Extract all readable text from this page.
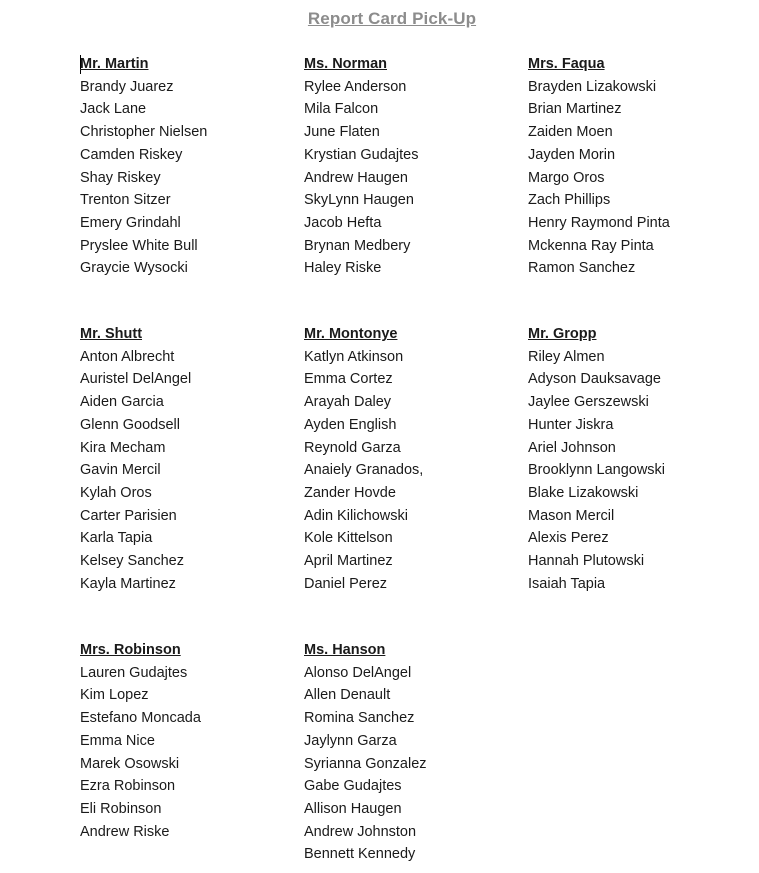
Report Card Pick-Up
Mr. Martin
Brandy Juarez
Jack Lane
Christopher Nielsen
Camden Riskey
Shay Riskey
Trenton Sitzer
Emery Grindahl
Pryslee White Bull
Graycie Wysocki
Ms. Norman
Rylee Anderson
Mila Falcon
June Flaten
Krystian Gudajtes
Andrew Haugen
SkyLynn Haugen
Jacob Hefta
Brynan Medbery
Haley Riske
Mrs. Faqua
Brayden Lizakowski
Brian Martinez
Zaiden Moen
Jayden Morin
Margo Oros
Zach Phillips
Henry Raymond Pinta
Mckenna Ray Pinta
Ramon Sanchez
Mr. Shutt
Anton Albrecht
Auristel DelAngel
Aiden Garcia
Glenn Goodsell
Kira Mecham
Gavin Mercil
Kylah Oros
Carter Parisien
Karla Tapia
Kelsey Sanchez
Kayla Martinez
Mr. Montonye
Katlyn Atkinson
Emma Cortez
Arayah Daley
Ayden English
Reynold Garza
Anaiely Granados,
Zander Hovde
Adin Kilichowski
Kole Kittelson
April Martinez
Daniel Perez
Mr. Gropp
Riley Almen
Adyson Dauksavage
Jaylee Gerszewski
Hunter Jiskra
Ariel Johnson
Brooklynn Langowski
Blake Lizakowski
Mason Mercil
Alexis Perez
Hannah Plutowski
Isaiah Tapia
Mrs. Robinson
Lauren Gudajtes
Kim Lopez
Estefano Moncada
Emma Nice
Marek Osowski
Ezra Robinson
Eli Robinson
Andrew Riske
Ms. Hanson
Alonso DelAngel
Allen Denault
Romina Sanchez
Jaylynn Garza
Syrianna Gonzalez
Gabe Gudajtes
Allison Haugen
Andrew Johnston
Bennett Kennedy
